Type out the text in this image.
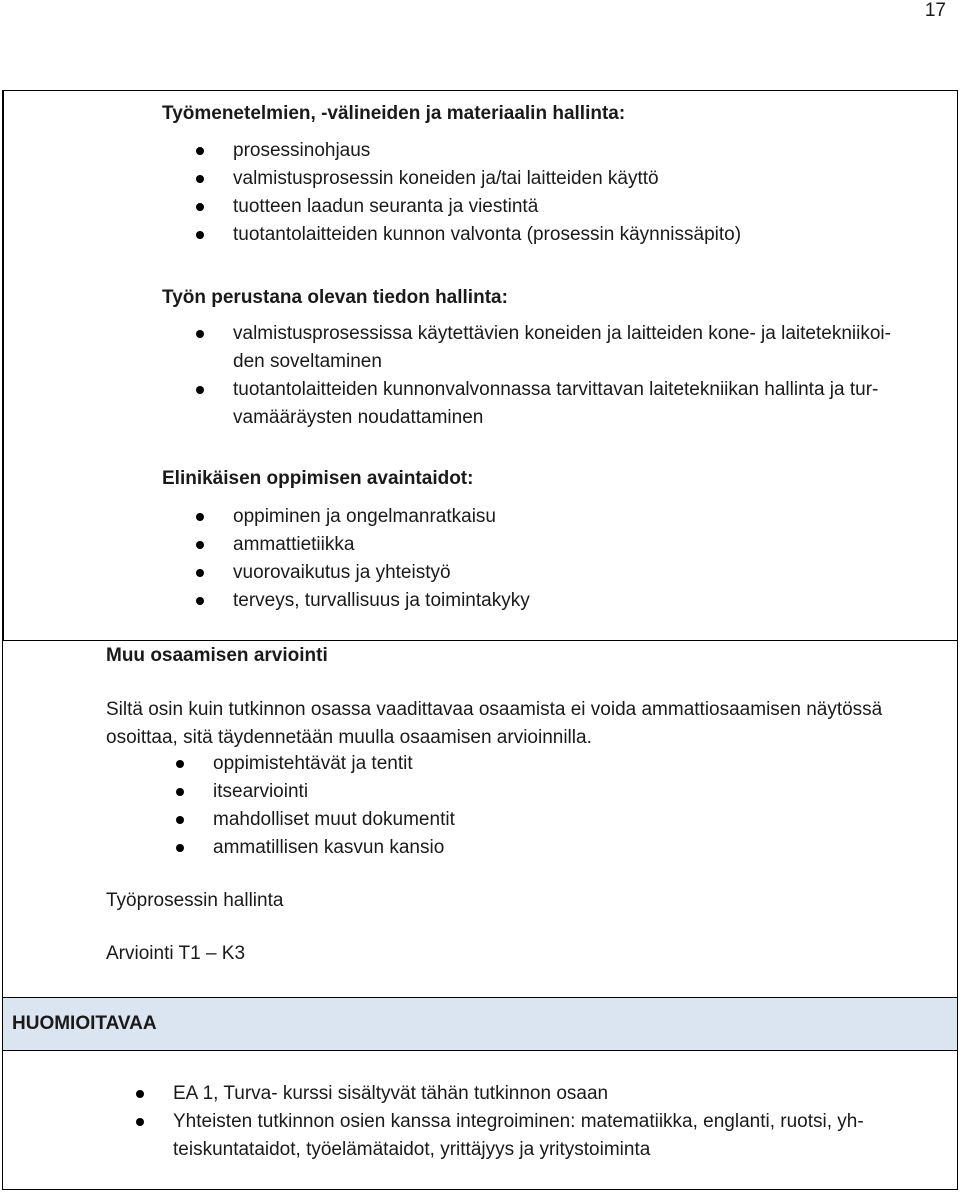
17
Työmenetelmien, -välineiden ja materiaalin hallinta:
prosessinohjaus
valmistusprosessin koneiden ja/tai laitteiden käyttö
tuotteen laadun seuranta ja viestintä
tuotantolaitteiden kunnon valvonta (prosessin käynnissäpito)
Työn perustana olevan tiedon hallinta:
valmistusprosessissa käytettävien koneiden ja laitteiden kone- ja laitetekniikoi-
den soveltaminen
tuotantolaitteiden kunnonvalvonnassa tarvittavan laitetekniikan hallinta ja tur-
vamääräysten noudattaminen
Elinikäisen oppimisen avaintaidot:
oppiminen ja ongelmanratkaisu
ammattietiikka
vuorovaikutus ja yhteistyö
terveys, turvallisuus ja toimintakyky
Muu osaamisen arviointi
Siltä osin kuin tutkinnon osassa vaadittavaa osaamista ei voida ammattiosaamisen näytössä
osoittaa, sitä täydennetään muulla osaamisen arvioinnilla.
oppimistehtävät ja tentit
itsearviointi
mahdolliset muut dokumentit
ammatillisen kasvun kansio
Työprosessin hallinta
Arviointi T1 – K3
HUOMIOITAVAA
EA 1, Turva- kurssi sisältyvät tähän tutkinnon osaan
Yhteisten tutkinnon osien kanssa integroiminen: matematiikka, englanti, ruotsi, yh-
teiskuntataidot, työelämätaidot, yrittäjyys ja yritystoiminta
